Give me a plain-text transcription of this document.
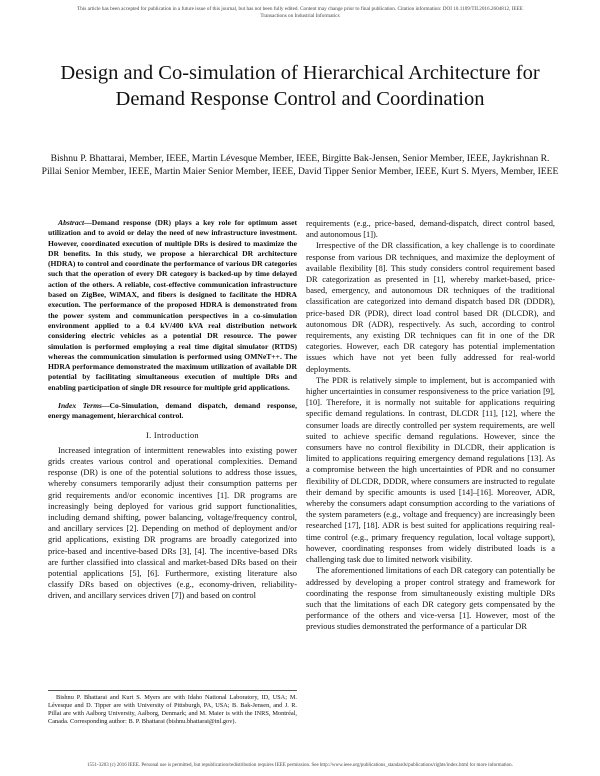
This article has been accepted for publication in a future issue of this journal, but has not been fully edited. Content may change prior to final publication. Citation information: DOI 10.1109/TII.2016.2604812, IEEE
Transactions on Industrial Informatics
Design and Co-simulation of Hierarchical Architecture for Demand Response Control and Coordination
Bishnu P. Bhattarai, Member, IEEE, Martin Lévesque Member, IEEE, Birgitte Bak-Jensen, Senior Member, IEEE, Jaykrishnan R. Pillai Senior Member, IEEE, Martin Maier Senior Member, IEEE, David Tipper Senior Member, IEEE, Kurt S. Myers, Member, IEEE

Abstract—Demand response (DR) plays a key role for optimum asset utilization and to avoid or delay the need of new infrastructure investment. However, coordinated execution of multiple DRs is desired to maximize the DR benefits. In this study, we propose a hierarchical DR architecture (HDRA) to control and coordinate the performance of various DR categories such that the operation of every DR category is backed-up by time delayed action of the others. A reliable, cost-effective communication infrastructure based on ZigBee, WiMAX, and fibers is designed to facilitate the HDRA execution. The performance of the proposed HDRA is demonstrated from the power system and communication perspectives in a co-simulation environment applied to a 0.4 kV/400 kVA real distribution network considering electric vehicles as a potential DR resource. The power simulation is performed employing a real time digital simulator (RTDS) whereas the communication simulation is performed using OMNeT++. The HDRA performance demonstrated the maximum utilization of available DR potential by facilitating simultaneous execution of multiple DRs and enabling participation of single DR resource for multiple grid applications.

Index Terms—Co-Simulation, demand dispatch, demand response, energy management, hierarchical control.

I. Introduction

Increased integration of intermittent renewables into existing power grids creates various control and operational complexities. Demand response (DR) is one of the potential solutions to address those issues, whereby consumers temporarily adjust their consumption patterns per grid requirements and/or economic incentives [1]. DR programs are increasingly being deployed for various grid support functionalities, including demand shifting, power balancing, voltage/frequency control, and ancillary services [2]. Depending on method of deployment and/or grid applications, existing DR programs are broadly categorized into price-based and incentive-based DRs [3], [4]. The incentive-based DRs are further classified into classical and market-based DRs based on their potential applications [5], [6]. Furthermore, existing literature also classify DRs based on objectives (e.g., economy-driven, reliability-driven, and ancillary services driven [7]) and based on control

Bishnu P. Bhattarai and Kurt S. Myers are with Idaho National Laboratory, ID, USA; M. Lévesque and D. Tipper are with University of Pittsburgh, PA, USA; B. Bak-Jensen, and J. R. Pillai are with Aalborg University, Aalborg, Denmark; and M. Maier is with the INRS, Montréal, Canada. Corresponding author: B. P. Bhattarai (bishnu.bhattarai@inl.gov).

requirements (e.g., price-based, demand-dispatch, direct control based, and autonomous [1]).

Irrespective of the DR classification, a key challenge is to coordinate response from various DR techniques, and maximize the deployment of available flexibility [8]. This study considers control requirement based DR categorization as presented in [1], whereby market-based, price-based, emergency, and autonomous DR techniques of the traditional classification are categorized into demand dispatch based DR (DDDR), price-based DR (PDR), direct load control based DR (DLCDR), and autonomous DR (ADR), respectively. As such, according to control requirements, any existing DR techniques can fit in one of the DR categories. However, each DR category has potential implementation issues which have not yet been fully addressed for real-world deployments.

The PDR is relatively simple to implement, but is accompanied with higher uncertainties in consumer responsiveness to the price variation [9], [10]. Therefore, it is normally not suitable for applications requiring specific demand regulations. In contrast, DLCDR [11], [12], where the consumer loads are directly controlled per system requirements, are well suited to achieve specific demand regulations. However, since the consumers have no control flexibility in DLCDR, their application is limited to applications requiring emergency demand regulations [13]. As a compromise between the high uncertainties of PDR and no consumer flexibility of DLCDR, DDDR, where consumers are instructed to regulate their demand by specific amounts is used [14]–[16]. Moreover, ADR, whereby the consumers adapt consumption according to the variations of the system parameters (e.g., voltage and frequency) are increasingly been researched [17], [18]. ADR is best suited for applications requiring real-time control (e.g., primary frequency regulation, local voltage support), however, coordinating responses from widely distributed loads is a challenging task due to limited network visibility.

The aforementioned limitations of each DR category can potentially be addressed by developing a proper control strategy and framework for coordinating the response from simultaneously existing multiple DRs such that the limitations of each DR category gets compensated by the performance of the others and vice-versa [1]. However, most of the previous studies demonstrated the performance of a particular DR

1551-3203 (c) 2016 IEEE. Personal use is permitted, but republication/redistribution requires IEEE permission. See http://www.ieee.org/publications_standards/publications/rights/index.html for more information.
